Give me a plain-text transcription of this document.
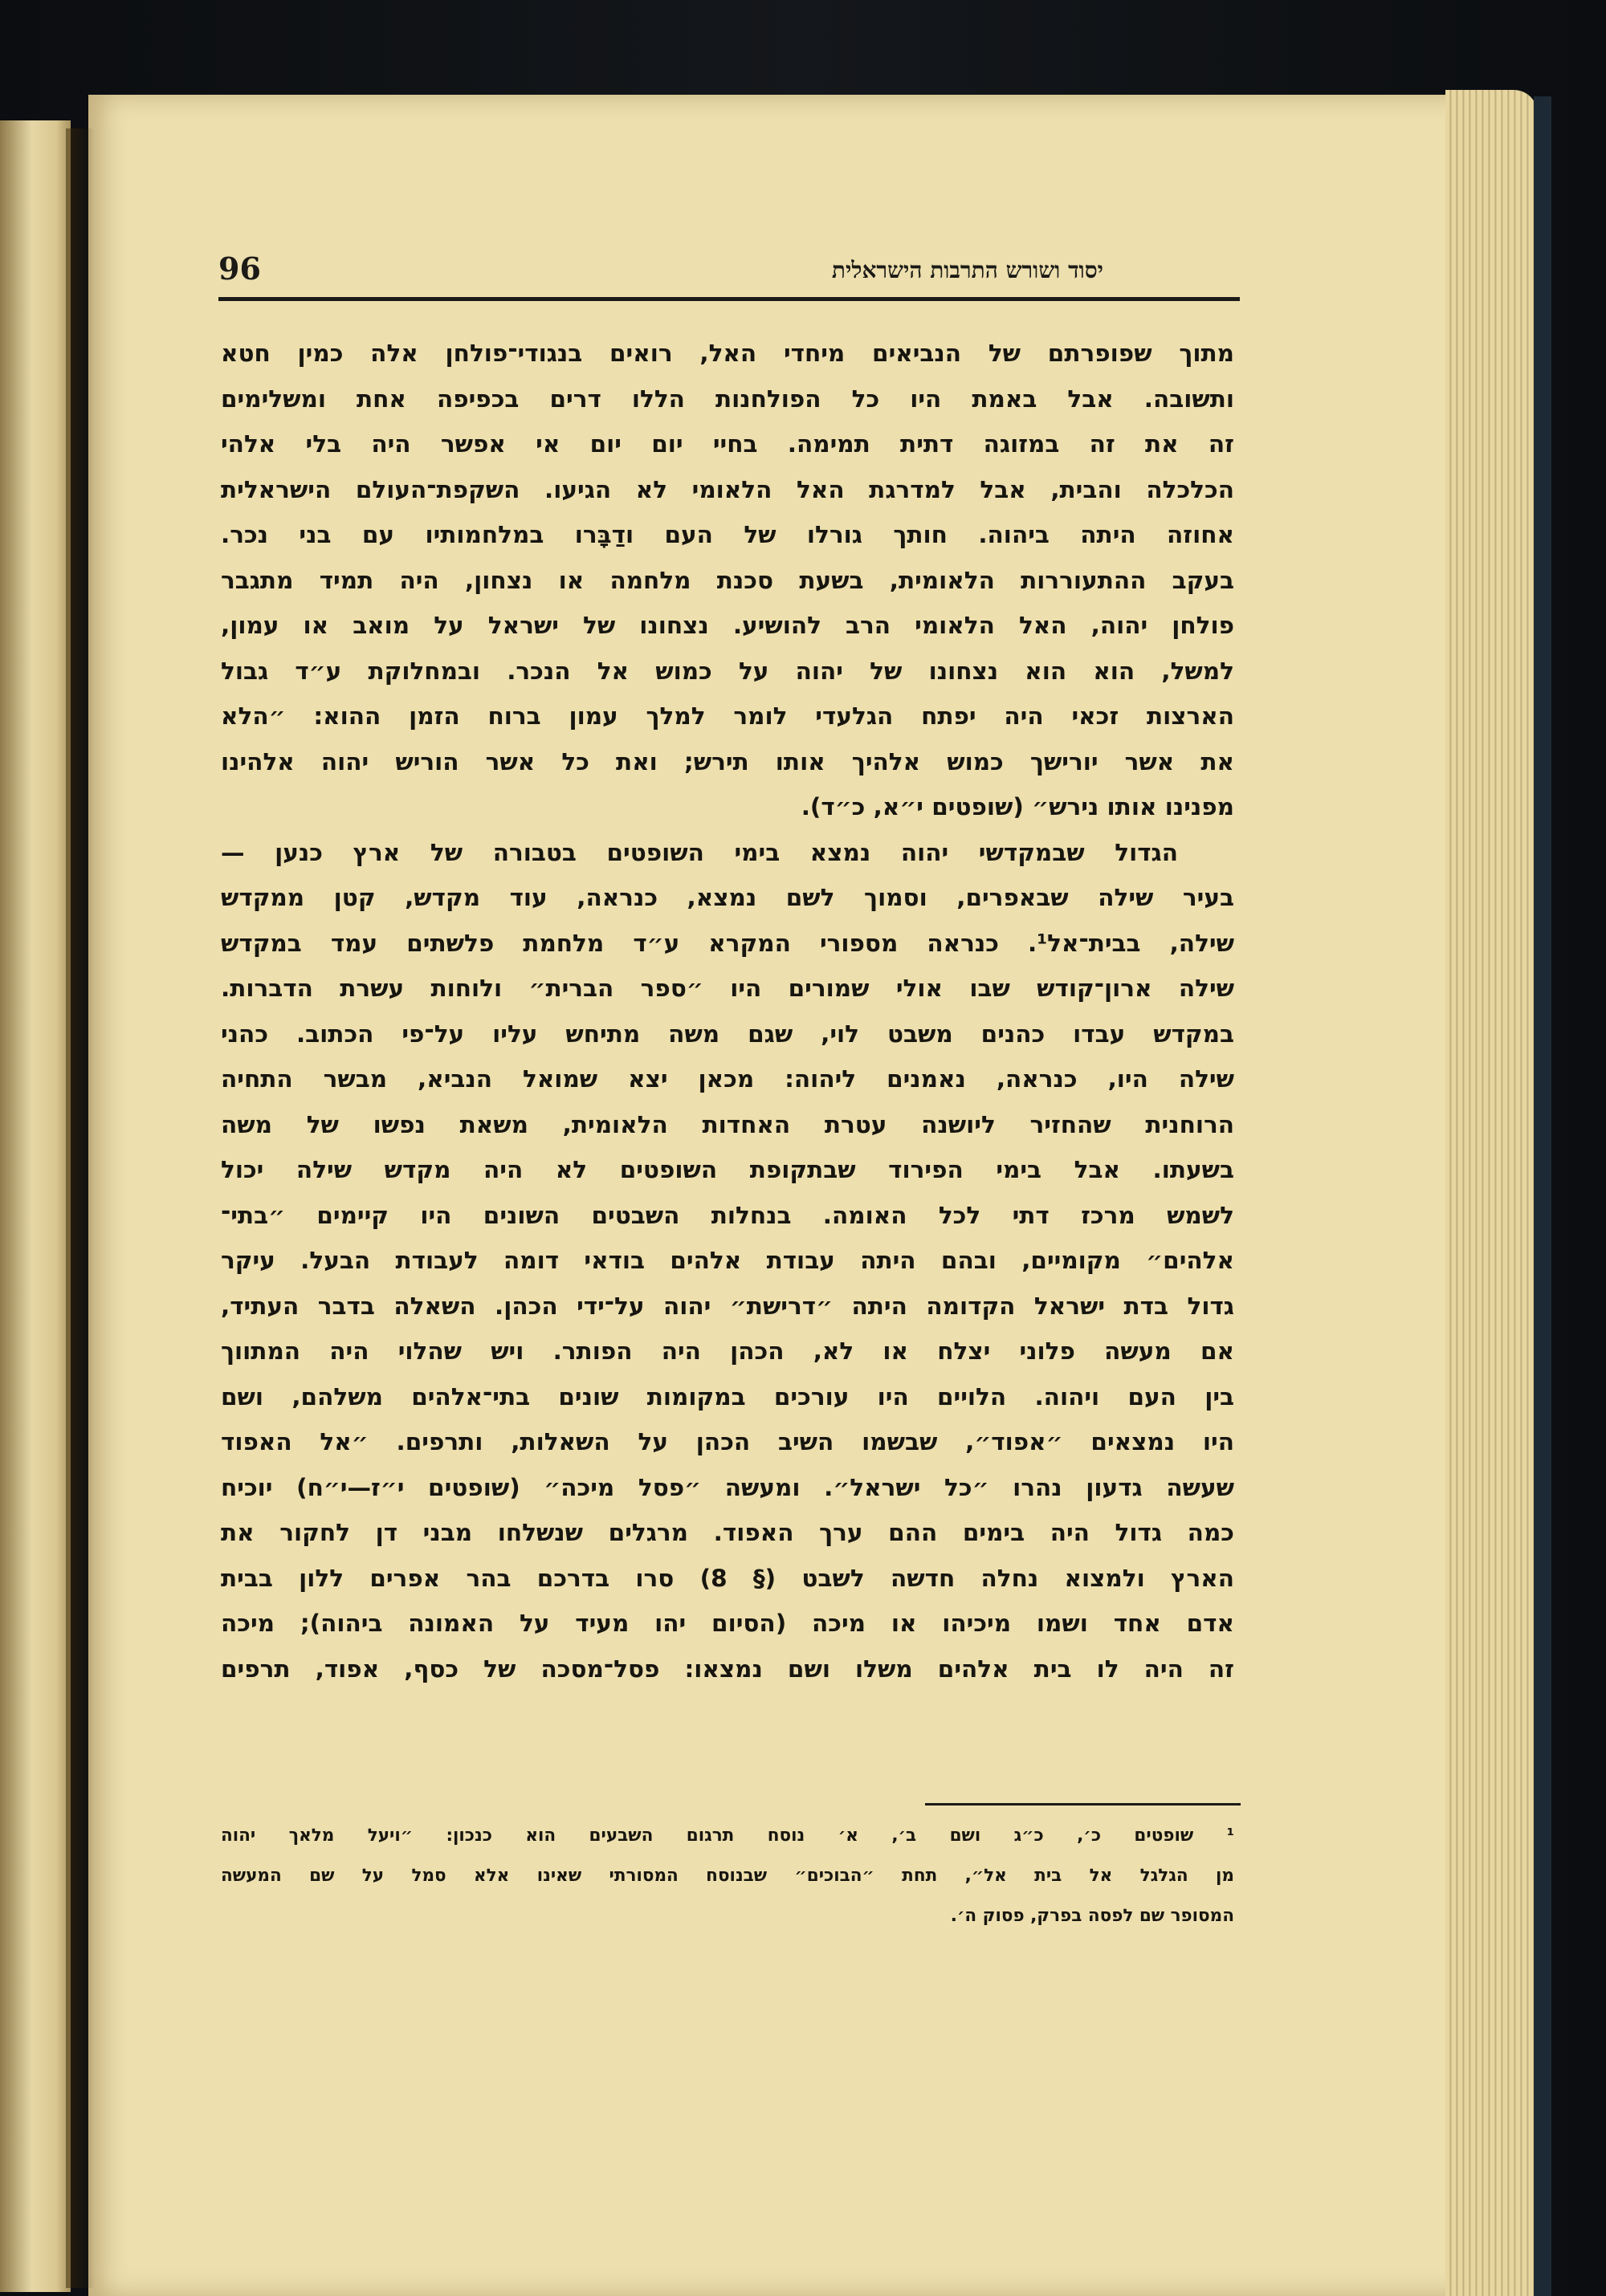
96	יסוד ושורש התרבות הישראלית
מתוך שפופרתם של הנביאים מיחדי האל, רואים בנגודי־פולחן אלה כמין חטא
ותשובה. אבל באמת היו כל הפולחנות הללו דרים בכפיפה אחת ומשלימים
זה את זה במזוגה דתית תמימה. בחיי יום יום אי אפשר היה בלי אלהי
הכלכלה והבית, אבל למדרגת האל הלאומי לא הגיעו. השקפת־העולם הישראלית
אחוזה היתה ביהוה. חותך גורלו של העם ודַבָּרו במלחמותיו עם בני נכר.
בעקב ההתעוררות הלאומית, בשעת סכנת מלחמה או נצחון, היה תמיד מתגבר
פולחן יהוה, האל הלאומי הרב להושיע. נצחונו של ישראל על מואב או עמון,
למשל, הוא הוא נצחונו של יהוה על כמוש אל הנכר. ובמחלוקת ע״ד גבול
הארצות זכאי היה יפתח הגלעדי לומר למלך עמון ברוח הזמן ההוא: ״הלא
את אשר יורישך כמוש אלהיך אותו תירש; ואת כל אשר הוריש יהוה אלהינו
מפנינו אותו נירש״ (שופטים י״א, כ״ד).
הגדול שבמקדשי יהוה נמצא בימי השופטים בטבורה של ארץ כנען —
בעיר שילה שבאפרים, וסמוך לשם נמצא, כנראה, עוד מקדש, קטן ממקדש
שילה, בבית־אל¹. כנראה מספורי המקרא ע״ד מלחמת פלשתים עמד במקדש
שילה ארון־קודש שבו אולי שמורים היו ״ספר הברית״ ולוחות עשרת הדברות.
במקדש עבדו כהנים משבט לוי, שגם משה מתיחש עליו על־פי הכתוב. כהני
שילה היו, כנראה, נאמנים ליהוה: מכאן יצא שמואל הנביא, מבשר התחיה
הרוחנית שהחזיר ליושנה עטרת האחדות הלאומית, משאת נפשו של משה
בשעתו. אבל בימי הפירוד שבתקופת השופטים לא היה מקדש שילה יכול
לשמש מרכז דתי לכל האומה. בנחלות השבטים השונים היו קיימים ״בתי־
אלהים״ מקומיים, ובהם היתה עבודת אלהים בודאי דומה לעבודת הבעל. עיקר
גדול בדת ישראל הקדומה היתה ״דרישת״ יהוה על־ידי הכהן. השאלה בדבר העתיד,
אם מעשה פלוני יצלח או לא, הכהן היה הפותר. ויש שהלוי היה המתווך
בין העם ויהוה. הלויים היו עורכים במקומות שונים בתי־אלהים משלהם, ושם
היו נמצאים ״אפוד״, שבשמו השיב הכהן על השאלות, ותרפים. ״אל האפוד
שעשה גדעון נהרו ״כל ישראל״. ומעשה ״פסל מיכה״ (שופטים י״ז—י״ח) יוכיח
כמה גדול היה בימים ההם ערך האפוד. מרגלים שנשלחו מבני דן לחקור את
הארץ ולמצוא נחלה חדשה לשבט (§ 8) סרו בדרכם בהר אפרים ללון בבית
אדם אחד ושמו מיכיהו או מיכה (הסיום יהו מעיד על האמונה ביהוה); מיכה
זה היה לו בית אלהים משלו ושם נמצאו: פסל־מסכה של כסף, אפוד, תרפים
¹ שופטים כ׳, כ״ג ושם ב׳, א׳ נוסח תרגום השבעים הוא כנכון: ״ויעל מלאך יהוה
מן הגלגל אל בית אל״, תחת ״הבוכים״ שבנוסח המסורתי שאינו אלא סמל על שם המעשה
המסופר שם לפסה בפרק, פסוק ה׳.
